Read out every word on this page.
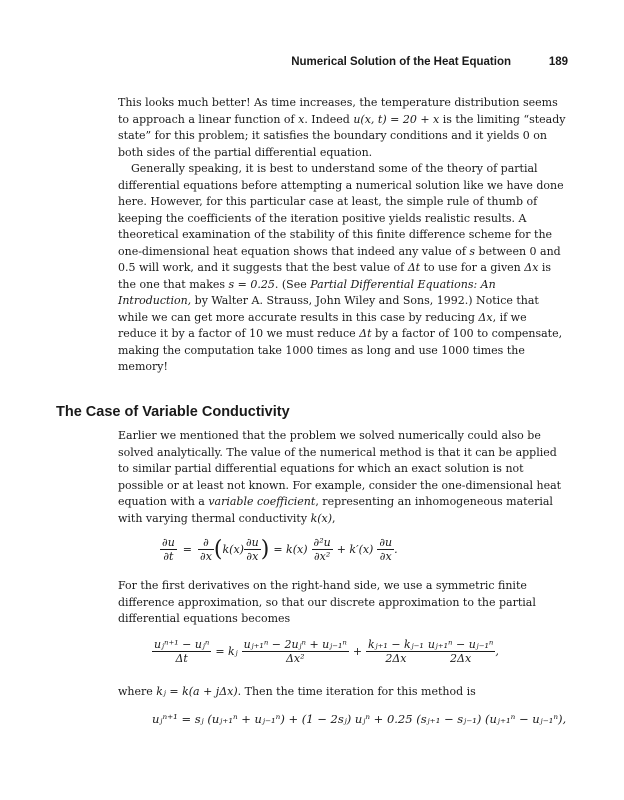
Numerical Solution of the Heat Equation	189

This looks much better! As time increases, the temperature distribution seems to approach a linear function of x. Indeed u(x, t) = 20 + x is the limiting “steady state” for this problem; it satisfies the boundary conditions and it yields 0 on both sides of the partial differential equation.

Generally speaking, it is best to understand some of the theory of partial differential equations before attempting a numerical solution like we have done here. However, for this particular case at least, the simple rule of thumb of keeping the coefficients of the iteration positive yields realistic results. A theoretical examination of the stability of this finite difference scheme for the one-dimensional heat equation shows that indeed any value of s between 0 and 0.5 will work, and it suggests that the best value of Δt to use for a given Δx is the one that makes s = 0.25. (See Partial Differential Equations: An Introduction, by Walter A. Strauss, John Wiley and Sons, 1992.) Notice that while we can get more accurate results in this case by reducing Δx, if we reduce it by a factor of 10 we must reduce Δt by a factor of 100 to compensate, making the computation take 1000 times as long and use 1000 times the memory!

The Case of Variable Conductivity

Earlier we mentioned that the problem we solved numerically could also be solved analytically. The value of the numerical method is that it can be applied to similar partial differential equations for which an exact solution is not possible or at least not known. For example, consider the one-dimensional heat equation with a variable coefficient, representing an inhomogeneous material with varying thermal conductivity k(x),

$\frac{\partial u}{\partial t} = \frac{\partial}{\partial x}$ ( $k(x) \frac{\partial u}{\partial x}$ ) = $k(x) \frac{\text{∂²u}}{\text{∂x²}} + k'(x) \frac{\partial u}{\partial x}$ .

For the first derivatives on the right-hand side, we use a symmetric finite difference approximation, so that our discrete approximation to the partial differential equations becomes

$\frac{\text{uⱼⁿ⁺¹ − uⱼⁿ}}{\Delta t}$ = kⱼ $\frac{\text{uⱼ₊₁ⁿ − 2uⱼⁿ + uⱼ₋₁ⁿ}}{\text{Δx²}} + \frac{\text{kⱼ₊₁ − kⱼ₋₁}}{2\Delta x} \frac{\text{uⱼ₊₁ⁿ − uⱼ₋₁ⁿ}}{2\Delta x}$ ,

where kⱼ = k(a + jΔx). Then the time iteration for this method is

uⱼⁿ⁺¹ = sⱼ (uⱼ₊₁ⁿ + uⱼ₋₁ⁿ) + (1 − 2sⱼ) uⱼⁿ + 0.25 (sⱼ₊₁ − sⱼ₋₁) (uⱼ₊₁ⁿ − uⱼ₋₁ⁿ),
